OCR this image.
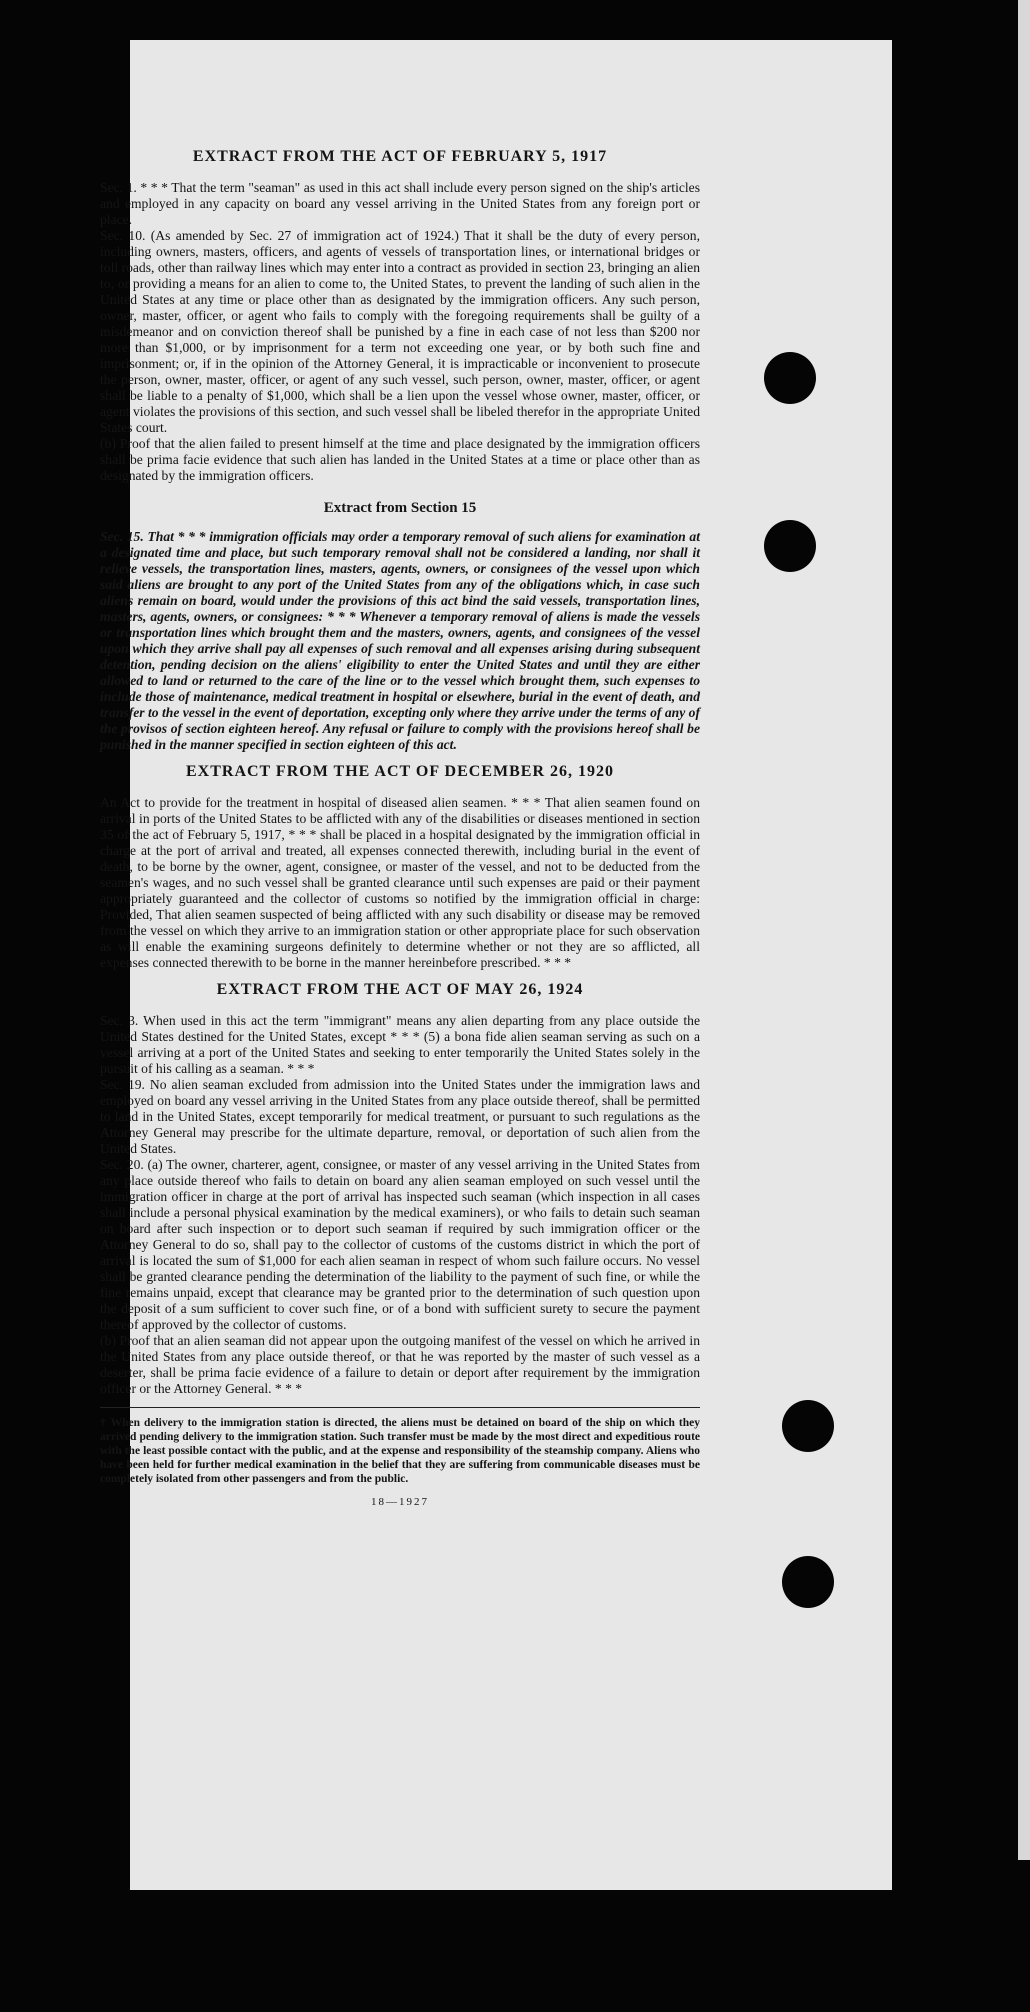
EXTRACT FROM THE ACT OF FEBRUARY 5, 1917

Sec. 1. * * * That the term "seaman" as used in this act shall include every person signed on the ship's articles and employed in any capacity on board any vessel arriving in the United States from any foreign port or place.

Sec. 10. (As amended by Sec. 27 of immigration act of 1924.) That it shall be the duty of every person, including owners, masters, officers, and agents of vessels of transportation lines, or international bridges or toll roads, other than railway lines which may enter into a contract as provided in section 23, bringing an alien to, or providing a means for an alien to come to, the United States, to prevent the landing of such alien in the United States at any time or place other than as designated by the immigration officers. Any such person, owner, master, officer, or agent who fails to comply with the foregoing requirements shall be guilty of a misdemeanor and on conviction thereof shall be punished by a fine in each case of not less than $200 nor more than $1,000, or by imprisonment for a term not exceeding one year, or by both such fine and imprisonment; or, if in the opinion of the Attorney General, it is impracticable or inconvenient to prosecute the person, owner, master, officer, or agent of any such vessel, such person, owner, master, officer, or agent shall be liable to a penalty of $1,000, which shall be a lien upon the vessel whose owner, master, officer, or agent violates the provisions of this section, and such vessel shall be libeled therefor in the appropriate United States court.

(b) Proof that the alien failed to present himself at the time and place designated by the immigration officers shall be prima facie evidence that such alien has landed in the United States at a time or place other than as designated by the immigration officers.

Extract from Section 15

Sec. 15. That * * * immigration officials may order a temporary removal of such aliens for examination at a designated time and place, but such temporary removal shall not be considered a landing, nor shall it relieve vessels, the transportation lines, masters, agents, owners, or consignees of the vessel upon which said aliens are brought to any port of the United States from any of the obligations which, in case such aliens remain on board, would under the provisions of this act bind the said vessels, transportation lines, masters, agents, owners, or consignees: * * * Whenever a temporary removal of aliens is made the vessels or transportation lines which brought them and the masters, owners, agents, and consignees of the vessel upon which they arrive shall pay all expenses of such removal and all expenses arising during subsequent detention, pending decision on the aliens' eligibility to enter the United States and until they are either allowed to land or returned to the care of the line or to the vessel which brought them, such expenses to include those of maintenance, medical treatment in hospital or elsewhere, burial in the event of death, and transfer to the vessel in the event of deportation, excepting only where they arrive under the terms of any of the provisos of section eighteen hereof. Any refusal or failure to comply with the provisions hereof shall be punished in the manner specified in section eighteen of this act.

EXTRACT FROM THE ACT OF DECEMBER 26, 1920

An Act to provide for the treatment in hospital of diseased alien seamen. * * * That alien seamen found on arrival in ports of the United States to be afflicted with any of the disabilities or diseases mentioned in section 35 of the act of February 5, 1917, * * * shall be placed in a hospital designated by the immigration official in charge at the port of arrival and treated, all expenses connected therewith, including burial in the event of death, to be borne by the owner, agent, consignee, or master of the vessel, and not to be deducted from the seamen's wages, and no such vessel shall be granted clearance until such expenses are paid or their payment appropriately guaranteed and the collector of customs so notified by the immigration official in charge: Provided, That alien seamen suspected of being afflicted with any such disability or disease may be removed from the vessel on which they arrive to an immigration station or other appropriate place for such observation as will enable the examining surgeons definitely to determine whether or not they are so afflicted, all expenses connected therewith to be borne in the manner hereinbefore prescribed. * * *

EXTRACT FROM THE ACT OF MAY 26, 1924

Sec. 3. When used in this act the term "immigrant" means any alien departing from any place outside the United States destined for the United States, except * * * (5) a bona fide alien seaman serving as such on a vessel arriving at a port of the United States and seeking to enter temporarily the United States solely in the pursuit of his calling as a seaman. * * *

Sec. 19. No alien seaman excluded from admission into the United States under the immigration laws and employed on board any vessel arriving in the United States from any place outside thereof, shall be permitted to land in the United States, except temporarily for medical treatment, or pursuant to such regulations as the Attorney General may prescribe for the ultimate departure, removal, or deportation of such alien from the United States.

Sec. 20. (a) The owner, charterer, agent, consignee, or master of any vessel arriving in the United States from any place outside thereof who fails to detain on board any alien seaman employed on such vessel until the immigration officer in charge at the port of arrival has inspected such seaman (which inspection in all cases shall include a personal physical examination by the medical examiners), or who fails to detain such seaman on board after such inspection or to deport such seaman if required by such immigration officer or the Attorney General to do so, shall pay to the collector of customs of the customs district in which the port of arrival is located the sum of $1,000 for each alien seaman in respect of whom such failure occurs. No vessel shall be granted clearance pending the determination of the liability to the payment of such fine, or while the fine remains unpaid, except that clearance may be granted prior to the determination of such question upon the deposit of a sum sufficient to cover such fine, or of a bond with sufficient surety to secure the payment thereof approved by the collector of customs.

(b) Proof that an alien seaman did not appear upon the outgoing manifest of the vessel on which he arrived in the United States from any place outside thereof, or that he was reported by the master of such vessel as a deserter, shall be prima facie evidence of a failure to detain or deport after requirement by the immigration officer or the Attorney General. * * *

† When delivery to the immigration station is directed, the aliens must be detained on board of the ship on which they arrived pending delivery to the immigration station. Such transfer must be made by the most direct and expeditious route with the least possible contact with the public, and at the expense and responsibility of the steamship company. Aliens who have been held for further medical examination in the belief that they are suffering from communicable diseases must be completely isolated from other passengers and from the public.

18—1927
